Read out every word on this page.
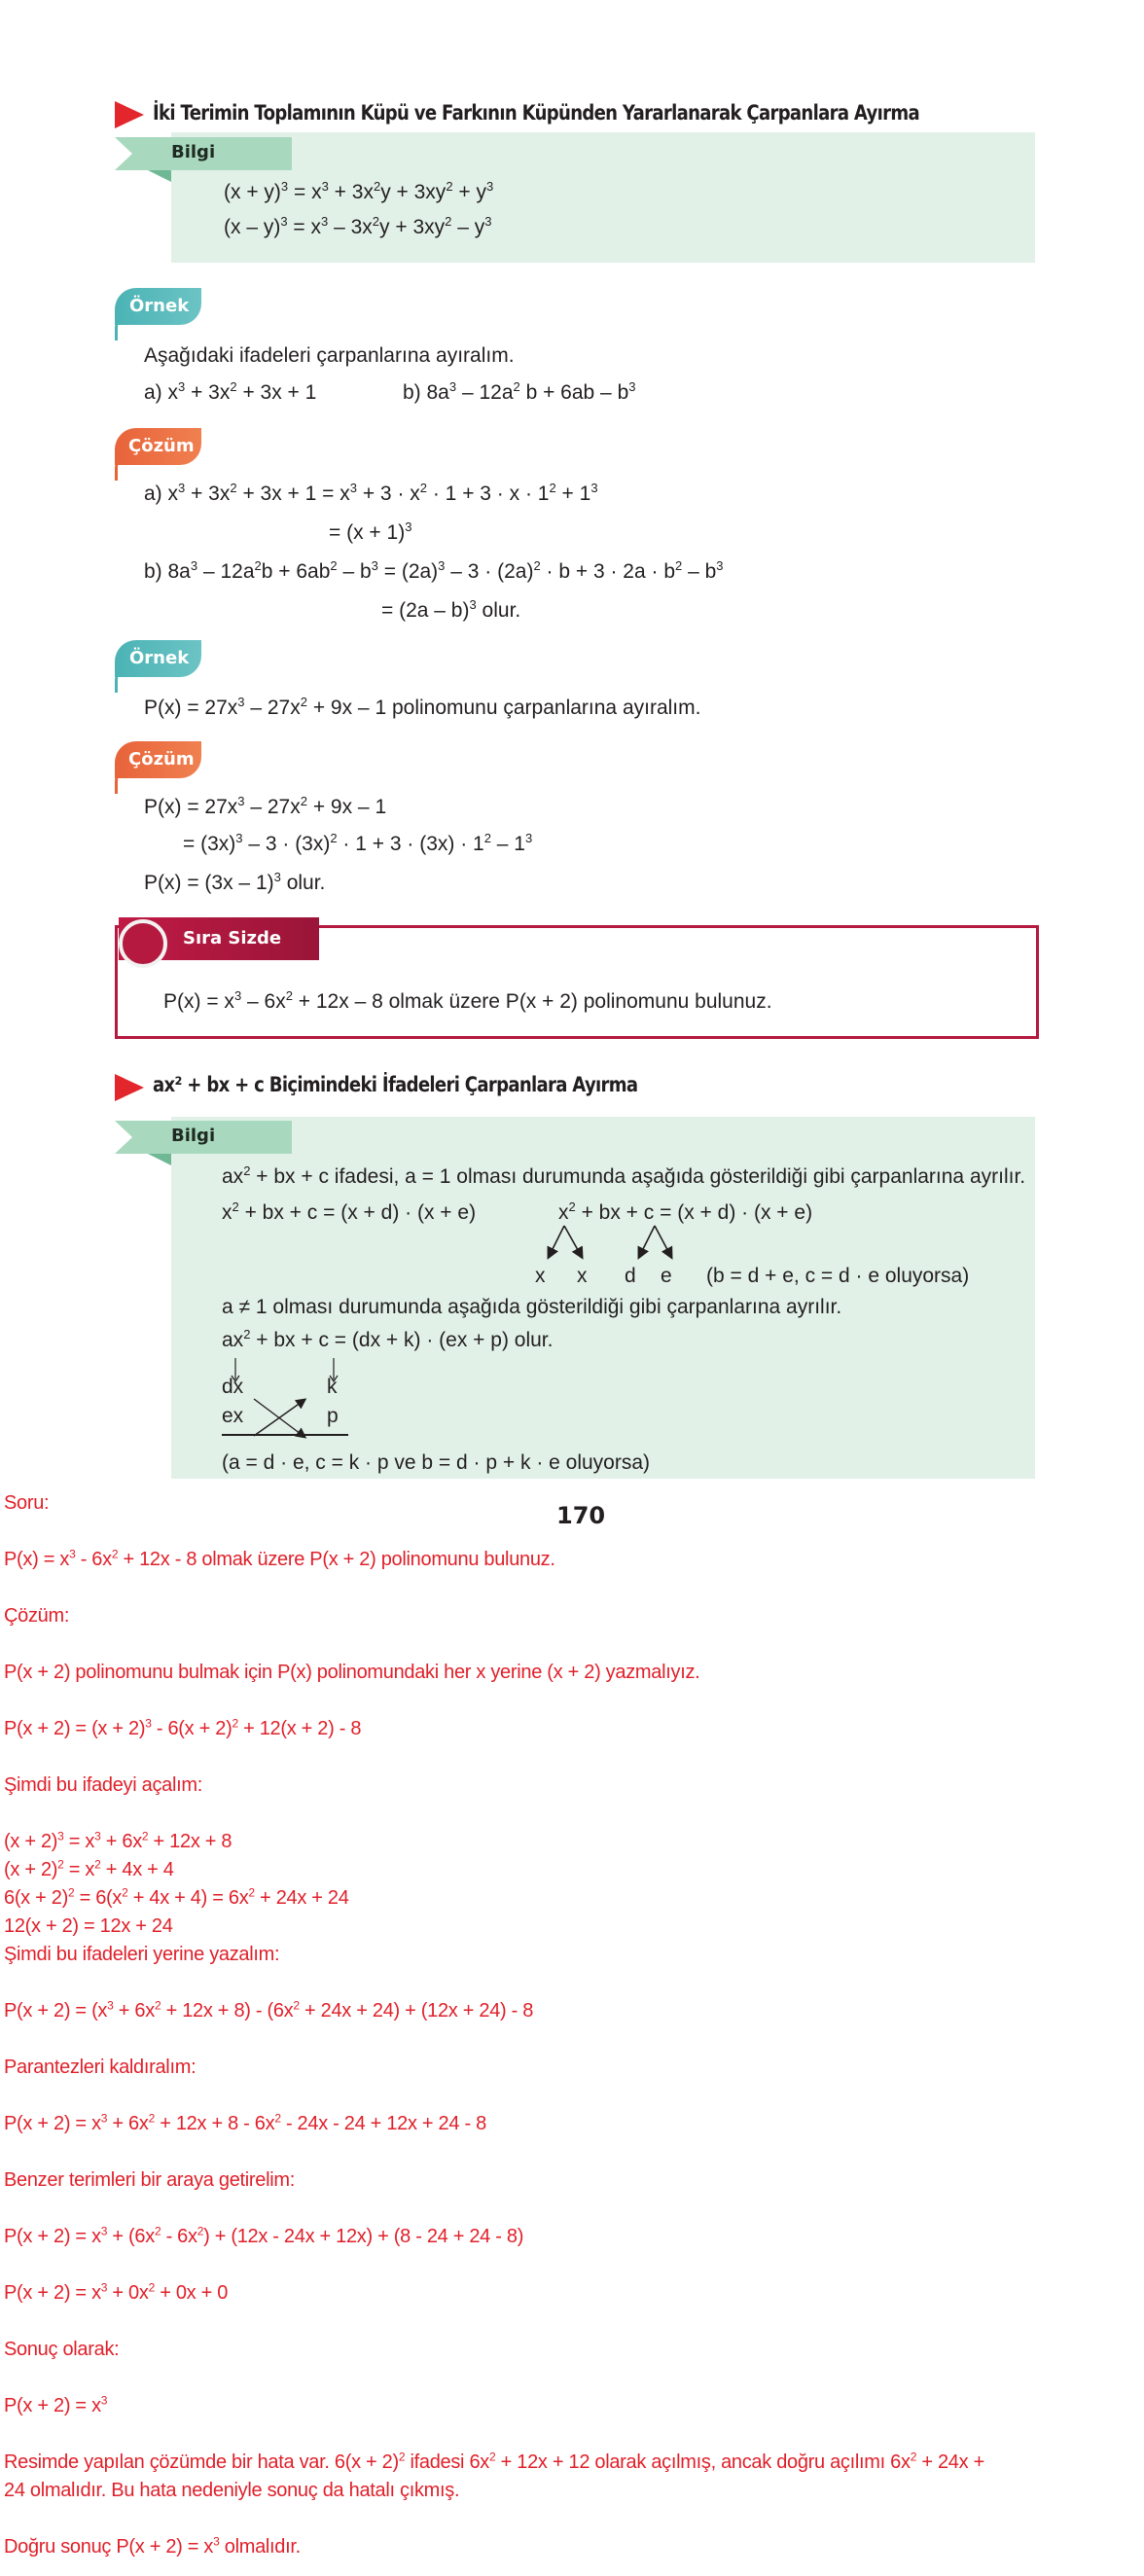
İki Terimin Toplamının Küpü ve Farkının Küpünden Yararlanarak Çarpanlara Ayırma
Bilgi
$(x + y)^3 = x^3 + 3x^2y + 3xy^2 + y^3$
$(x - y)^3 = x^3 - 3x^2y + 3xy^2 - y^3$
Örnek
Aşağıdaki ifadeleri çarpanlarına ayıralım.
a) $x^3 + 3x^2 + 3x + 1$	b) $8a^3 - 12a^2$ $b + 6ab - b^3$
Çözüm
a) $x^3 + 3x^2 + 3x + 1 = x^3 + 3 \cdot x^2 \cdot 1 + 3 \cdot x \cdot 1^2 + 1^3$
= $(x + 1)^3$
b) $8a^3 - 12a^2b + 6ab^2 - b^3 = (2a)^3 - 3 \cdot (2a)^2 \cdot b + 3 \cdot 2a \cdot b^2 - b^3$
= (2a – b)$^3$ olur.
Örnek
$P(x) = 27x^3 - 27x^2 + 9x - 1$ polinomunu çarpanlarına ayıralım.
Çözüm
$P(x) = 27x^3 - 27x^2 + 9x - 1$
= $(3x)^3 - 3 \cdot (3x)^2 \cdot 1 + 3 \cdot (3x) \cdot 1^2 - 1^3$
P(x) = (3x – 1)$^3$ olur.
Sıra Sizde
$P(x) = x^3 - 6x^2 + 12x - 8$ olmak üzere P(x + 2) polinomunu bulunuz.
ax² + bx + c Biçimindeki İfadeleri Çarpanlara Ayırma
Bilgi
$ax^2$ + bx + c ifadesi, a = 1 olması durumunda aşağıda gösterildiği gibi çarpanlarına ayrılır.
$x^2$ + bx + c = (x + d) · (x + e)	$x^2$ + bx + c = (x + d) · (x + e)
x x d e (b = d + e, c = d · e oluyorsa)
a ≠ 1 olması durumunda aşağıda gösterildiği gibi çarpanlarına ayrılır.
$ax^2$ + bx + c = (dx + k) · (ex + p) olur.
dx	k
ex	p
(a = d · e, c = k · p ve b = d · p + k · e oluyorsa)
170
Soru:
$P(x) = x^3 - 6x^2 + 12x - 8$ olmak üzere P(x + 2) polinomunu bulunuz.
Çözüm:
P(x + 2) polinomunu bulmak için P(x) polinomundaki her x yerine (x + 2) yazmalıyız.
$P(x + 2) = (x + 2)^3 - 6(x + 2)^2 + 12(x + 2) - 8$
Şimdi bu ifadeyi açalım:
$(x + 2)^3 = x^3 + 6x^2 + 12x + 8$
$(x + 2)^2 = x^2 + 4x + 4$
$6(x + 2)^2 = 6(x^2 + 4x + 4) = 6x^2 + 24x + 24$
12(x + 2) = 12x + 24
Şimdi bu ifadeleri yerine yazalım:
$P(x + 2) = (x^3 + 6x^2 + 12x + 8) - (6x^2 + 24x + 24) + (12x + 24) - 8$
Parantezleri kaldıralım:
$P(x + 2) = x^3 + 6x^2 + 12x + 8 - 6x^2 - 24x - 24 + 12x + 24 - 8$
Benzer terimleri bir araya getirelim:
$P(x + 2) = x^3 + (6x^2 - 6x^2) + (12x - 24x + 12x) + (8 - 24 + 24 - 8)$
$P(x + 2) = x^3 + 0x^2 + 0x + 0$
Sonuç olarak:
$P(x + 2) = x^3$
Resimde yapılan çözümde bir hata var. $6(x + 2)^2$ ifadesi $6x^2 + 12x + 12$ olarak açılmış, ancak doğru açılımı $6x^2 + 24x$ +
24 olmalıdır. Bu hata nedeniyle sonuç da hatalı çıkmış.
Doğru sonuç $P(x + 2) = x^3$ olmalıdır.
